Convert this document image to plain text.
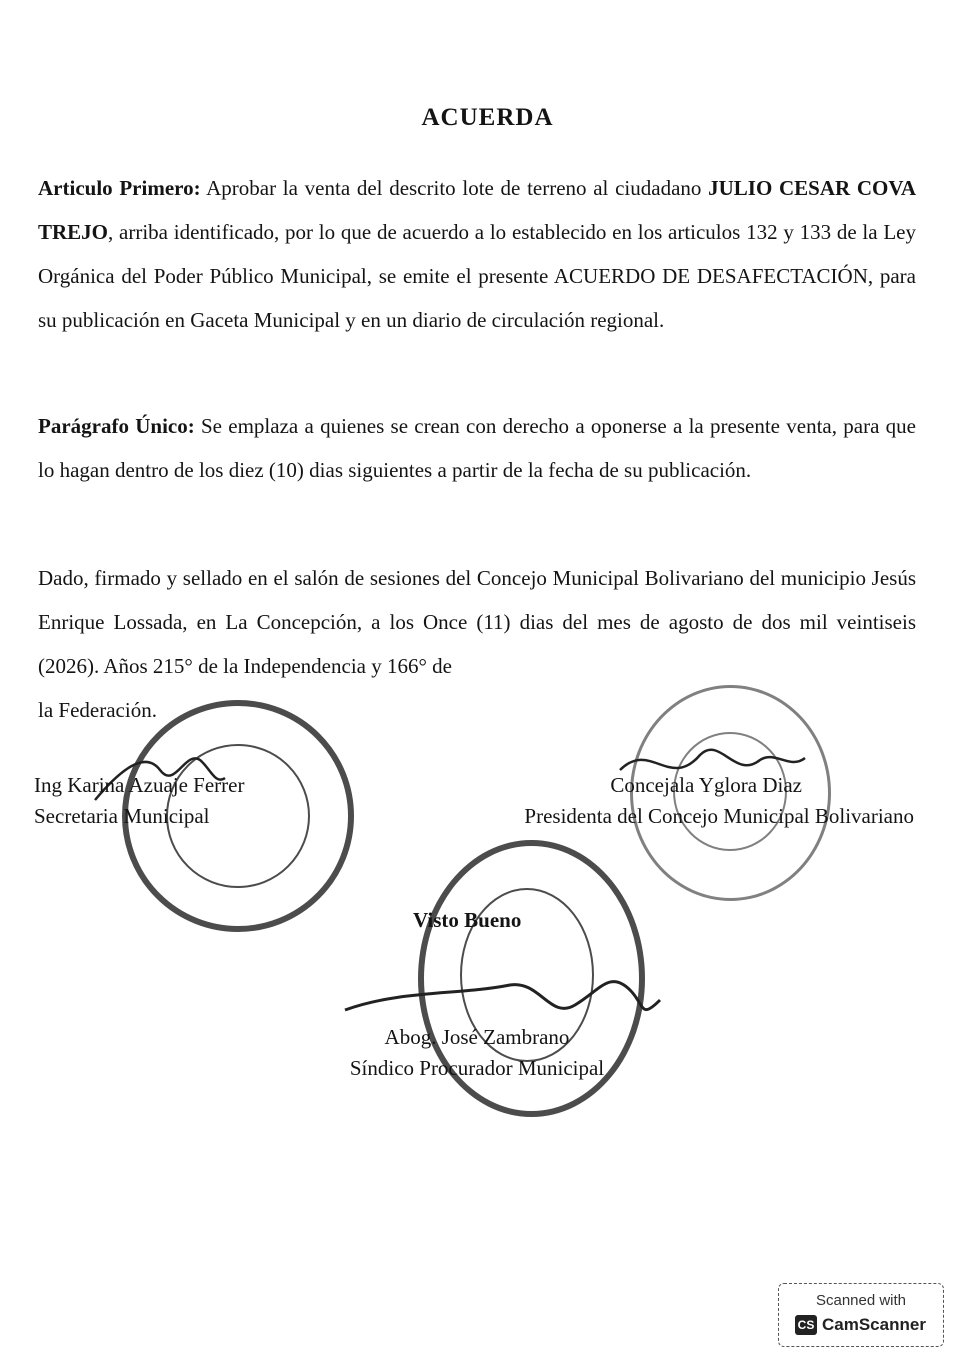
ACUERDA
Articulo Primero: Aprobar la venta del descrito lote de terreno al ciudadano JULIO CESAR COVA TREJO, arriba identificado, por lo que de acuerdo a lo establecido en los articulos 132 y 133 de la Ley Orgánica del Poder Público Municipal, se emite el presente ACUERDO DE DESAFECTACIÓN, para su publicación en Gaceta Municipal y en un diario de circulación regional.
Parágrafo Único: Se emplaza a quienes se crean con derecho a oponerse a la presente venta, para que lo hagan dentro de los diez (10) dias siguientes a partir de la fecha de su publicación.
Dado, firmado y sellado en el salón de sesiones del Concejo Municipal Bolivariano del municipio Jesús Enrique Lossada, en La Concepción, a los Once (11) dias del mes de agosto de dos mil veintiseis (2026). Años 215° de la Independencia y 166° de
la Federación.
Ing Karina Azuaje Ferrer
Secretaria Municipal
Concejala Yglora Diaz
Presidenta del Concejo Municipal Bolivariano
Visto Bueno
Abog. José Zambrano
Síndico Procurador Municipal
Scanned with
CS CamScanner
